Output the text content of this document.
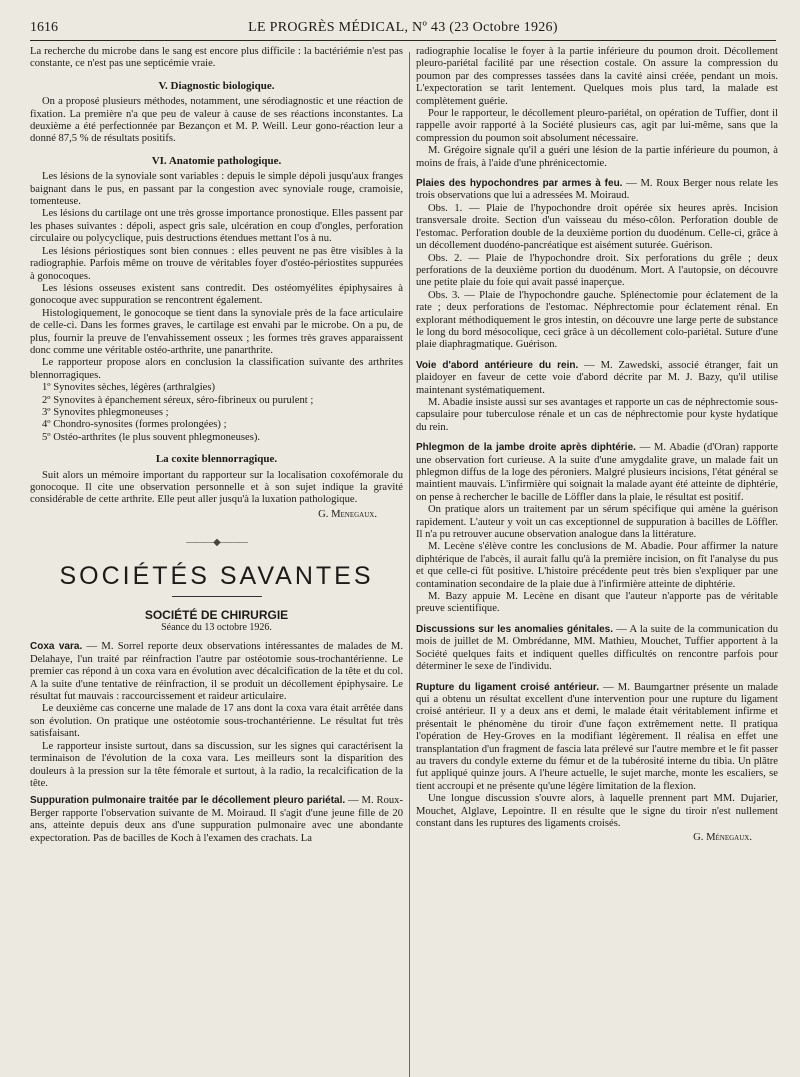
1616	LE PROGRÈS MÉDICAL, Nº 43 (23 Octobre 1926)

La recherche du microbe dans le sang est encore plus difficile : la bactériémie n'est pas constante, ce n'est pas une septicémie vraie.

V. Diagnostic biologique.

On a proposé plusieurs méthodes, notamment, une sérodiagnostic et une réaction de fixation. La première n'a que peu de valeur à cause de ses réactions inconstantes. La deuxième a été perfectionnée par Bezançon et M. P. Weill. Leur gono-réaction leur a donné 87,5 % de résultats positifs.

VI. Anatomie pathologique.

Les lésions de la synoviale sont variables : depuis le simple dépoli jusqu'aux franges baignant dans le pus, en passant par la congestion avec synoviale rouge, cramoisie, tomenteuse.

Les lésions du cartilage ont une très grosse importance pronostique. Elles passent par les phases suivantes : dépoli, aspect gris sale, ulcération en coup d'ongles, perforation circulaire ou polycyclique, puis destructions étendues mettant l'os à nu.

Les lésions périostiques sont bien connues : elles peuvent ne pas être visibles à la radiographie. Parfois même on trouve de véritables foyer d'ostéo-périostites suppurées à gonocoques.

Les lésions osseuses existent sans contredit. Des ostéomyélites épiphysaires à gonocoque avec suppuration se rencontrent également.

Histologiquement, le gonocoque se tient dans la synoviale près de la face articulaire de celle-ci. Dans les formes graves, le cartilage est envahi par le microbe. On a pu, de plus, fournir la preuve de l'envahissement osseux ; les formes très graves apparaissent donc comme une véritable ostéo-arthrite, une panarthrite.

Le rapporteur propose alors en conclusion la classification suivante des arthrites blennorragiques.

1º Synovites sèches, légères (arthralgies)

2º Synovites à épanchement séreux, séro-fibrineux ou purulent ;

3º Synovites phlegmoneuses ;

4º Chondro-synosites (formes prolongées) ;

5º Ostéo-arthrites (le plus souvent phlegmoneuses).

La coxite blennorragique.

Suit alors un mémoire important du rapporteur sur la localisation coxofémorale du gonocoque. Il cite une observation personnelle et à son sujet indique la gravité considérable de cette arthrite. Elle peut aller jusqu'à la luxation pathologique.

G. Menegaux.

———◆———

SOCIÉTÉS SAVANTES

SOCIÉTÉ DE CHIRURGIE

Séance du 13 octobre 1926.

Coxa vara. — M. Sorrel reporte deux observations intéressantes de malades de M. Delahaye, l'un traité par réinfraction l'autre par ostéotomie sous-trochantérienne. Le premier cas répond à un coxa vara en évolution avec décalcification de la tête et du col. A la suite d'une tentative de réinfraction, il se produit un décollement épiphysaire. Le résultat fut mauvais : raccourcissement et raideur articulaire.

Le deuxième cas concerne une malade de 17 ans dont la coxa vara était arrêtée dans son évolution. On pratique une ostéotomie sous-trochantérienne. Le résultat fut très satisfaisant.

Le rapporteur insiste surtout, dans sa discussion, sur les signes qui caractérisent la terminaison de l'évolution de la coxa vara. Les meilleurs sont la disparition des douleurs à la pression sur la tête fémorale et surtout, à la radio, la recalcification de la tête.

Suppuration pulmonaire traitée par le décollement pleuro pariétal. — M. Roux-Berger rapporte l'observation suivante de M. Moiraud. Il s'agit d'une jeune fille de 20 ans, atteinte depuis deux ans d'une suppuration pulmonaire avec une abondante expectoration. Pas de bacilles de Koch à l'examen des crachats. La

radiographie localise le foyer à la partie inférieure du poumon droit. Décollement pleuro-pariétal facilité par une résection costale. On assure la compression du poumon par des compresses tassées dans la cavité ainsi créée, pendant un mois. L'expectoration se tarit lentement. Quelques mois plus tard, la malade est complètement guérie.

Pour le rapporteur, le décollement pleuro-pariétal, on opération de Tuffier, dont il rappelle avoir rapporté à la Société plusieurs cas, agit par lui-même, sans que la compression du poumon soit absolument nécessaire.

M. Grégoire signale qu'il a guéri une lésion de la partie inférieure du poumon, à moins de frais, à l'aide d'une phrénicectomie.

Plaies des hypochondres par armes à feu. — M. Roux Berger nous relate les trois observations que lui a adressées M. Moiraud.

Obs. 1. — Plaie de l'hypochondre droit opérée six heures après. Incision transversale droite. Section d'un vaisseau du méso-côlon. Perforation double de l'estomac. Perforation double de la deuxième portion du duodénum. Celle-ci, grâce à un décollement duodéno-pancréatique est aisément suturée. Guérison.

Obs. 2. — Plaie de l'hypochondre droit. Six perforations du grêle ; deux perforations de la deuxième portion du duodénum. Mort. A l'autopsie, on découvre une petite plaie du foie qui avait passé inaperçue.

Obs. 3. — Plaie de l'hypochondre gauche. Splénectomie pour éclatement de la rate ; deux perforations de l'estomac. Néphrectomie pour éclatement rénal. En explorant méthodiquement le gros intestin, on découvre une large perte de substance le long du bord mésocolique, ceci grâce à un décollement colo-pariétal. Suture d'une plaie diaphragmatique. Guérison.

Voie d'abord antérieure du rein. — M. Zawedski, associé étranger, fait un plaidoyer en faveur de cette voie d'abord décrite par M. J. Bazy, qu'il utilise maintenant systématiquement.

M. Abadie insiste aussi sur ses avantages et rapporte un cas de néphrectomie sous-capsulaire pour tuberculose rénale et un cas de néphrectomie pour kyste hydatique du rein.

Phlegmon de la jambe droite après diphtérie. — M. Abadie (d'Oran) rapporte une observation fort curieuse. A la suite d'une amygdalite grave, un malade fait un phlegmon diffus de la loge des péroniers. Malgré plusieurs incisions, l'état général se maintient mauvais. L'infirmière qui soignait la malade ayant été atteinte de diphtérie, on pense à rechercher le bacille de Löffler dans la plaie, le résultat est positif.

On pratique alors un traitement par un sérum spécifique qui amène la guérison rapidement. L'auteur y voit un cas exceptionnel de suppuration à bacilles de Löffler. Il n'a pu retrouver aucune observation analogue dans la littérature.

M. Lecène s'élève contre les conclusions de M. Abadie. Pour affirmer la nature diphtérique de l'abcès, il aurait fallu qu'à la première incision, on fît l'analyse du pus et que celle-ci fût positive. L'histoire précédente peut très bien s'expliquer par une contamination secondaire de la plaie due à l'infirmière atteinte de diphtérie.

M. Bazy appuie M. Lecène en disant que l'auteur n'apporte pas de véritable preuve scientifique.

Discussions sur les anomalies génitales. — A la suite de la communication du mois de juillet de M. Ombrédanne, MM. Mathieu, Mouchet, Tuffier apportent à la Société quelques faits et indiquent quelles difficultés on rencontre parfois pour déterminer le sexe de l'individu.

Rupture du ligament croisé antérieur. — M. Baumgartner présente un malade qui a obtenu un résultat excellent d'une intervention pour une rupture du ligament croisé antérieur. Il y a deux ans et demi, le malade était véritablement infirme et présentait le phénomène du tiroir d'une façon extrêmement nette. Il pratiqua l'opération de Hey-Groves en la modifiant légèrement. Il réalisa en effet une transplantation d'un fragment de fascia lata prélevé sur l'autre membre et le fit passer au travers du condyle externe du fémur et de la tubérosité interne du tibia. Un plâtre fut appliqué quinze jours. A l'heure actuelle, le sujet marche, monte les escaliers, se tient accroupi et ne présente qu'une légère limitation de la flexion.

Une longue discussion s'ouvre alors, à laquelle prennent part MM. Dujarier, Mouchet, Alglave, Lepointre. Il en résulte que le signe du tiroir n'est nullement constant dans les ruptures des ligaments croisés.

G. Ménegaux.
